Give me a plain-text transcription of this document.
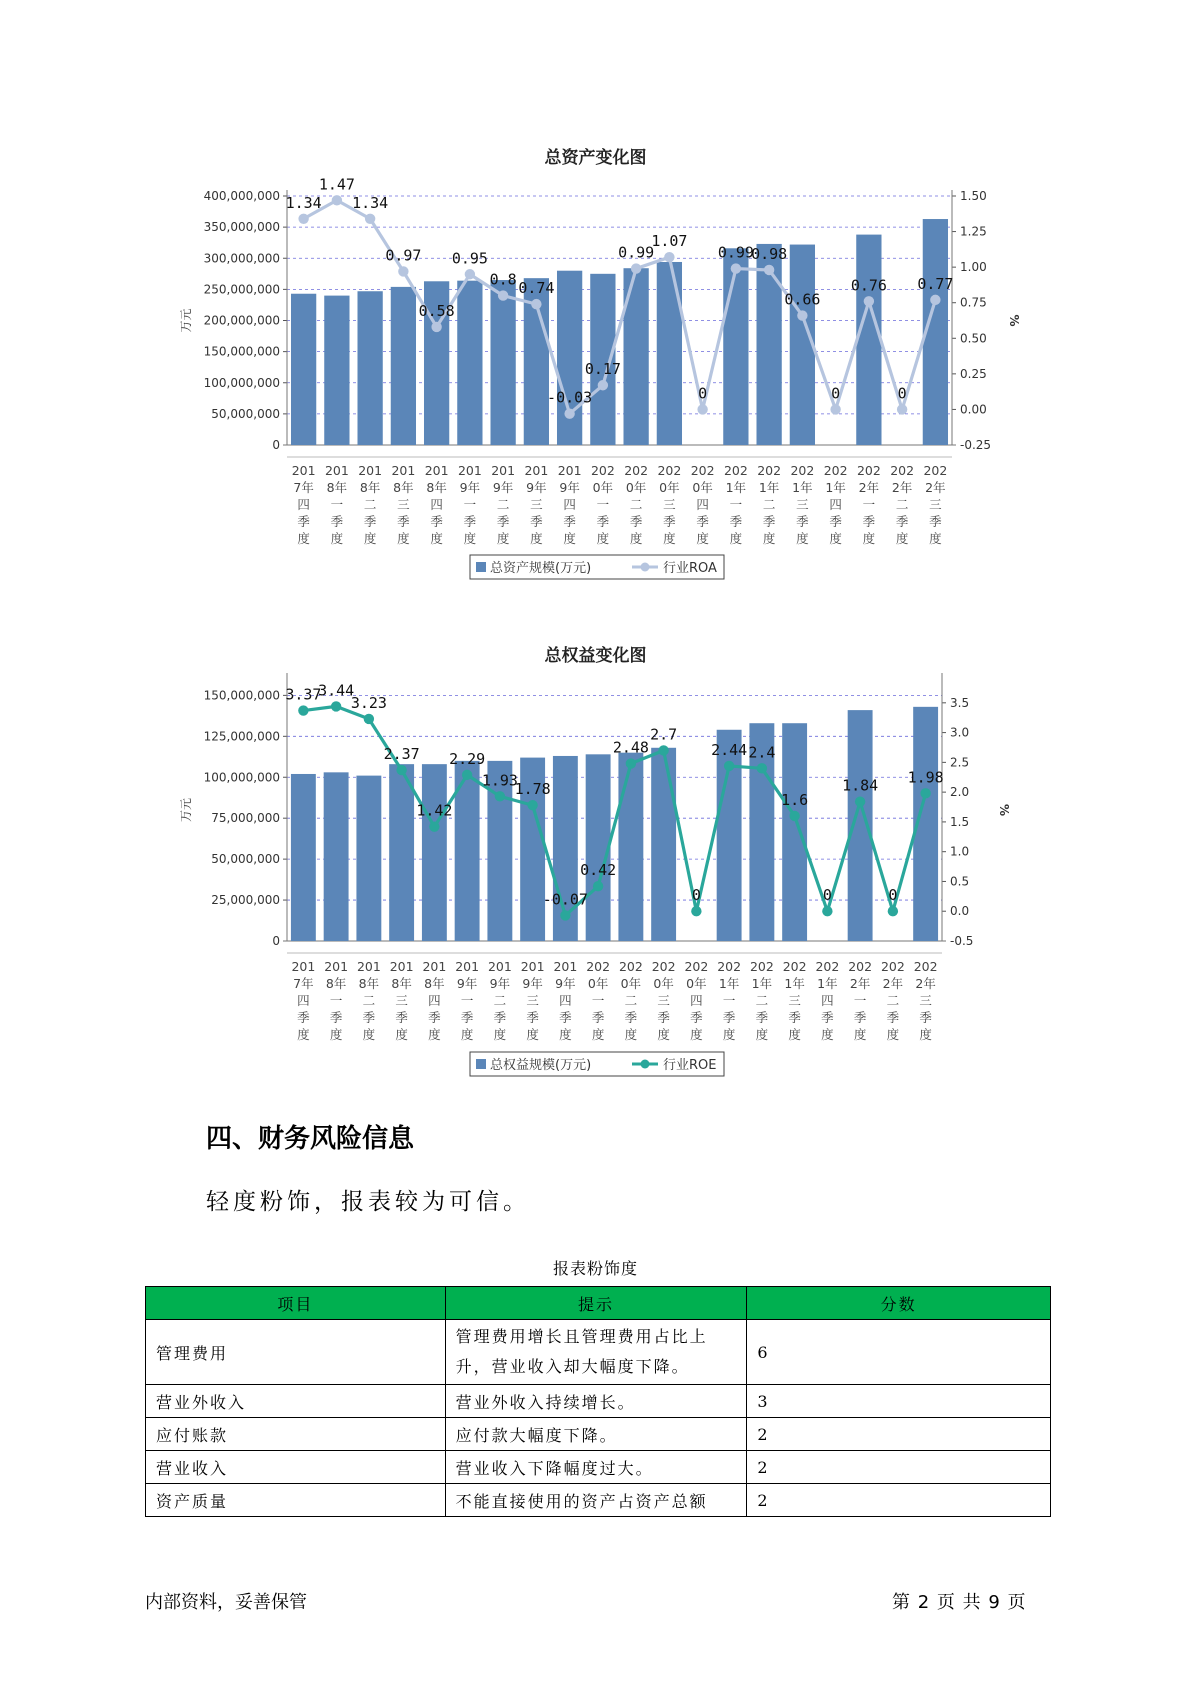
总资产变化图
0
50,000,000
100,000,000
150,000,000
200,000,000
250,000,000
300,000,000
350,000,000
400,000,000
-0.25
0.00
0.25
0.50
0.75
1.00
1.25
1.50
万元	%
1.34
1.47
1.34
0.97
0.58
0.95
0.8 0.74
-0.03
0.17
0.99
1.07
0
0.99
0.98
0.66
0
0.76
0
0.77
201
7年
四
季
度
201
8年
一
季
度
201
8年
二
季
度
201
8年
三
季
度
201
8年
四
季
度
201
9年
一
季
度
201
9年
二
季
度
201
9年
三
季
度
201
9年
四
季
度
202
0年
一
季
度
202
0年
二
季
度
202
0年
三
季
度
202
0年
四
季
度
202
1年
一
季
度
202
1年
二
季
度
202
1年
三
季
度
202
1年
四
季
度
202
2年
一
季
度
202
2年
二
季
度
202
2年
三
季
度
总资产规模(万元)	行业ROA
总权益变化图
0
25,000,000
50,000,000
75,000,000
100,000,000
125,000,000
150,000,000
-0.5
0.0
0.5
1.0
1.5
2.0
2.5
3.0
3.5
万元	%
3.37
3.44
3.23
2.37
1.42
2.29
1.93
1.78
-0.07
0.42
2.48
2.7
0
2.44 2.4
1.6
0
1.84
0
1.98
201
7年
四
季
度
201
8年
一
季
度
201
8年
二
季
度
201
8年
三
季
度
201
8年
四
季
度
201
9年
一
季
度
201
9年
二
季
度
201
9年
三
季
度
201
9年
四
季
度
202
0年
一
季
度
202
0年
二
季
度
202
0年
三
季
度
202
0年
四
季
度
202
1年
一
季
度
202
1年
二
季
度
202
1年
三
季
度
202
1年
四
季
度
202
2年
一
季
度
202
2年
二
季
度
202
2年
三
季
度
总权益规模(万元)	行业ROE
四、财务风险信息
轻度粉饰，报表较为可信。
报表粉饰度
项目	提示	分数
管理费用	管理费用增长且管理费用占比上升，营业收入却大幅度下降。	6
营业外收入	营业外收入持续增长。	3
应付账款	应付款大幅度下降。	2
营业收入	营业收入下降幅度过大。	2
资产质量	不能直接使用的资产占资产总额	2
内部资料，妥善保管	第 2 页 共 9 页
